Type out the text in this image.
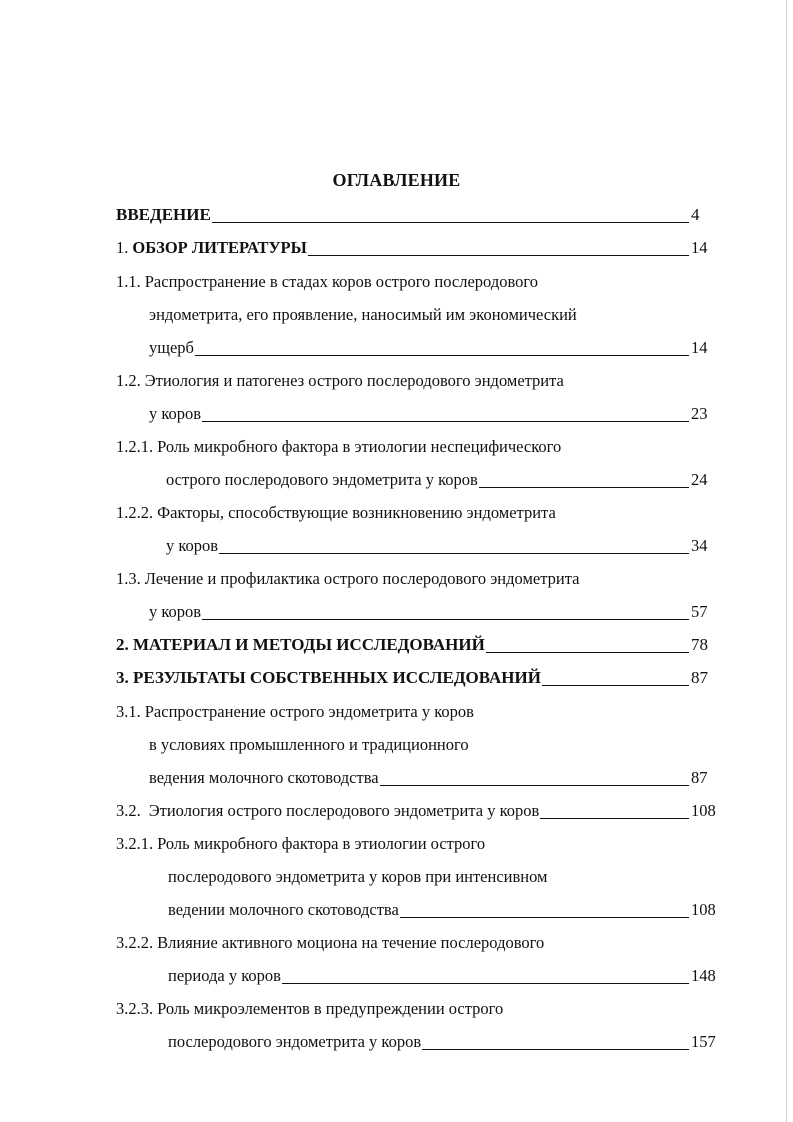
ОГЛАВЛЕНИЕ
ВВЕДЕНИЕ	4
1. ОБЗОР ЛИТЕРАТУРЫ	14
1.1. Распространение в стадах коров острого послеродового
эндометрита, его проявление, наносимый им экономический
ущерб	14
1.2. Этиология и патогенез острого послеродового эндометрита
у коров	23
1.2.1. Роль микробного фактора в этиологии неспецифического
острого послеродового эндометрита у коров	24
1.2.2. Факторы, способствующие возникновению эндометрита
у коров	34
1.3. Лечение и профилактика острого послеродового эндометрита
у коров	57
2. МАТЕРИАЛ И МЕТОДЫ ИССЛЕДОВАНИЙ	78
3. РЕЗУЛЬТАТЫ СОБСТВЕННЫХ ИССЛЕДОВАНИЙ	87
3.1. Распространение острого эндометрита у коров
в условиях промышленного и традиционного
ведения молочного скотоводства	87
3.2. Этиология острого послеродового эндометрита у коров	108
3.2.1. Роль микробного фактора в этиологии острого
послеродового эндометрита у коров при интенсивном
ведении молочного скотоводства	108
3.2.2. Влияние активного моциона на течение послеродового
периода у коров	148
3.2.3. Роль микроэлементов в предупреждении острого
послеродового эндометрита у коров	157
